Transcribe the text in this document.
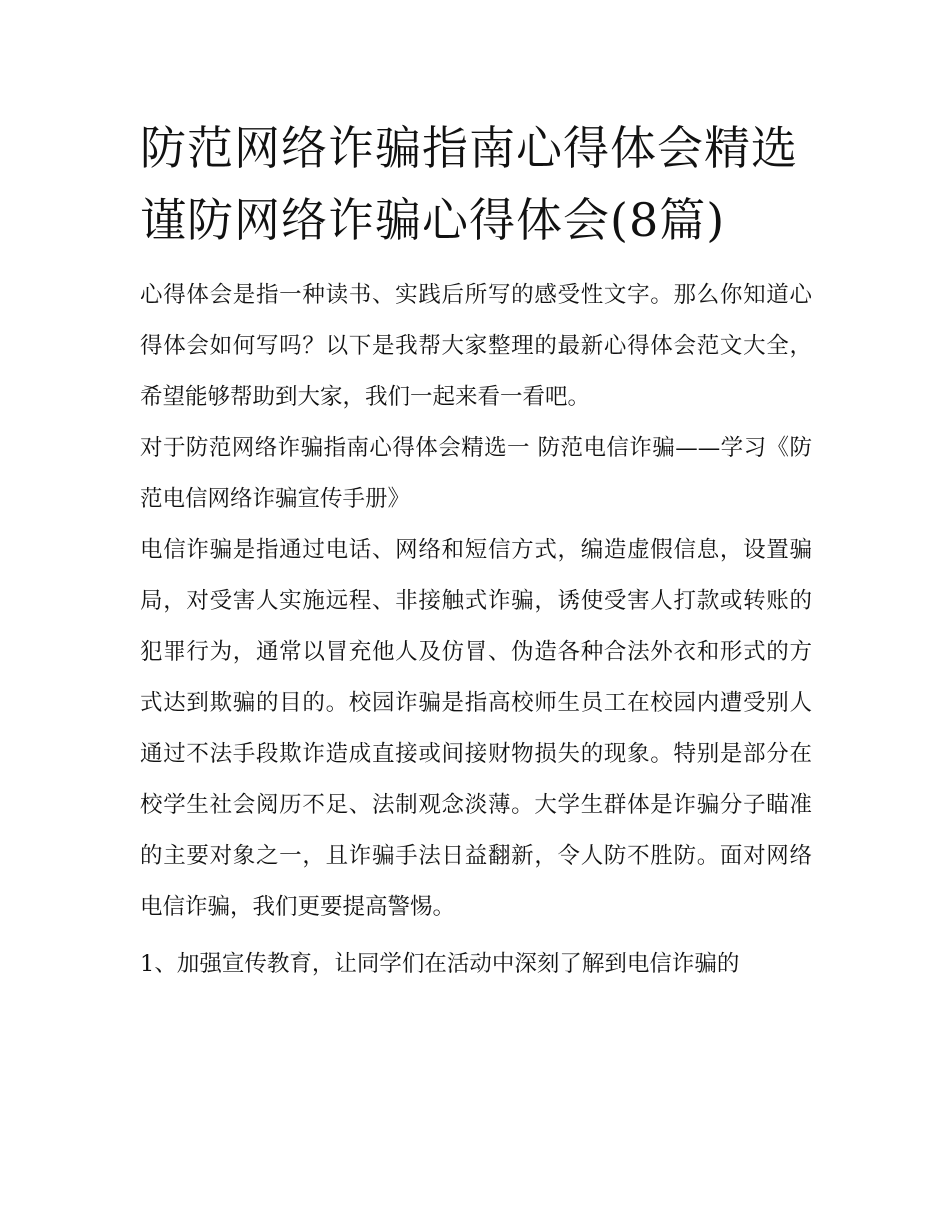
防范网络诈骗指南心得体会精选 谨防网络诈骗心得体会(8篇)

心得体会是指一种读书、实践后所写的感受性文字。那么你知道心得体会如何写吗？以下是我帮大家整理的最新心得体会范文大全，希望能够帮助到大家，我们一起来看一看吧。

对于防范网络诈骗指南心得体会精选一 防范电信诈骗——学习《防范电信网络诈骗宣传手册》

电信诈骗是指通过电话、网络和短信方式，编造虚假信息，设置骗局，对受害人实施远程、非接触式诈骗，诱使受害人打款或转账的犯罪行为，通常以冒充他人及仿冒、伪造各种合法外衣和形式的方式达到欺骗的目的。校园诈骗是指高校师生员工在校园内遭受别人通过不法手段欺诈造成直接或间接财物损失的现象。特别是部分在校学生社会阅历不足、法制观念淡薄。大学生群体是诈骗分子瞄准的主要对象之一，且诈骗手法日益翻新，令人防不胜防。面对网络电信诈骗，我们更要提高警惕。

1、加强宣传教育，让同学们在活动中深刻了解到电信诈骗的
